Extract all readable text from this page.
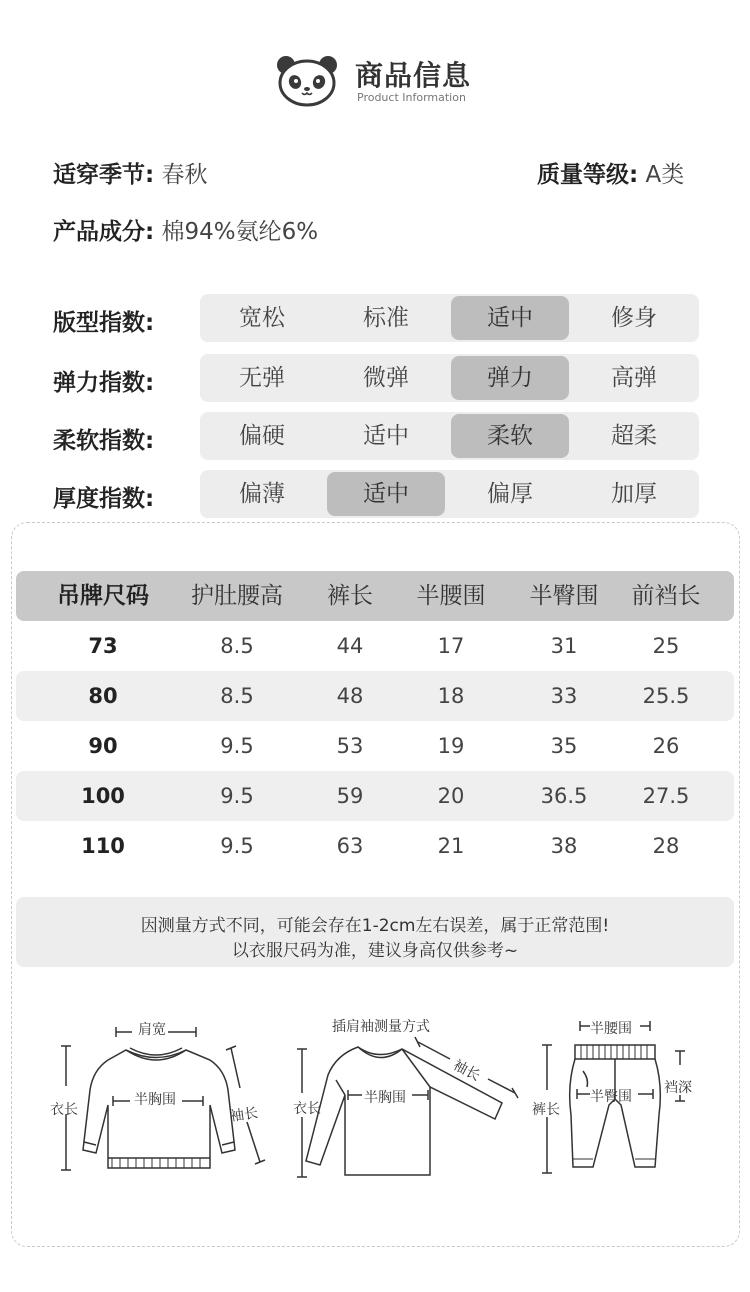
商品信息
Product Information
适穿季节: 春秋	质量等级: A类
产品成分: 棉94%氨纶6%
版型指数:	宽松	标准	适中	修身
弹力指数:	无弹	微弹	弹力	高弹
柔软指数:	偏硬	适中	柔软	超柔
厚度指数:	偏薄	适中	偏厚	加厚
吊牌尺码	护肚腰高	裤长	半腰围	半臀围	前裆长
73	8.5	44	17	31	25
80	8.5	48	18	33	25.5
90	9.5	53	19	35	26
100	9.5	59	20	36.5	27.5
110	9.5	63	21	38	28
因测量方式不同，可能会存在1-2cm左右误差，属于正常范围!
以衣服尺码为准，建议身高仅供参考~
肩宽
半胸围
衣长	袖长
插肩袖测量方式
衣长
半胸围
袖长
半腰围
半臀围
裤长
裆深
